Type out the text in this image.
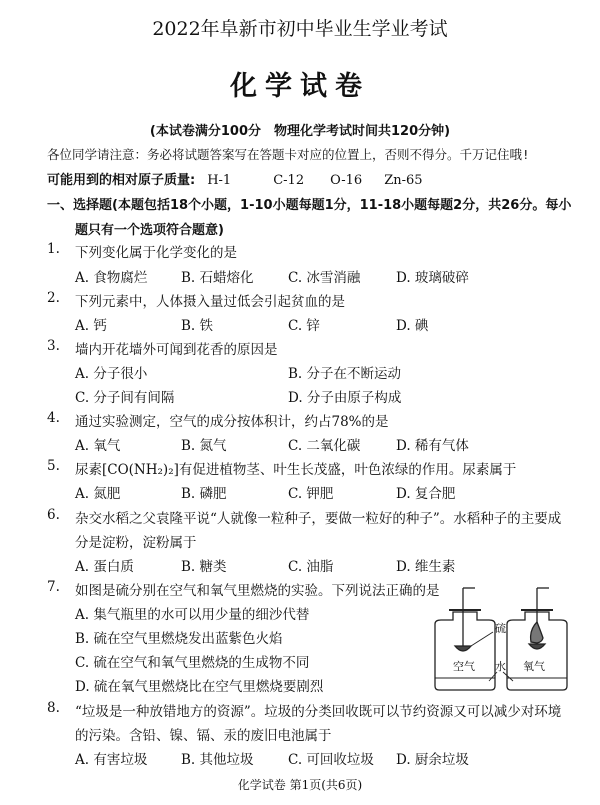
2022年阜新市初中毕业生学业考试
化学试卷
(本试卷满分100分　物理化学考试时间共120分钟)
各位同学请注意：务必将试题答案写在答题卡对应的位置上，否则不得分。千万记住哦!
可能用到的相对原子质量: H-1	C-12 O-16 Zn-65
一、选择题(本题包括18个小题，1-10小题每题1分，11-18小题每题2分，共26分。每小
题只有一个选项符合题意)
1. 下列变化属于化学变化的是
A. 食物腐烂 B. 石蜡熔化	C. 冰雪消融	D. 玻璃破碎
2. 下列元素中，人体摄入量过低会引起贫血的是
A. 钙	B. 铁	C. 锌	D. 碘
3. 墙内开花墙外可闻到花香的原因是
A. 分子很小	B. 分子在不断运动
C. 分子间有间隔	D. 分子由原子构成
4. 通过实验测定，空气的成分按体积计，约占78%的是
A. 氧气	B. 氮气	C. 二氧化碳	D. 稀有气体
5. 尿素[CO(NH₂)₂]有促进植物茎、叶生长茂盛，叶色浓绿的作用。尿素属于
A. 氮肥	B. 磷肥	C. 钾肥	D. 复合肥
6. 杂交水稻之父袁隆平说“人就像一粒种子，要做一粒好的种子”。水稻种子的主要成
分是淀粉，淀粉属于
A. 蛋白质	B. 糖类	C. 油脂	D. 维生素
7. 如图是硫分别在空气和氧气里燃烧的实验。下列说法正确的是
A. 集气瓶里的水可以用少量的细沙代替
B. 硫在空气里燃烧发出蓝紫色火焰
C. 硫在空气和氧气里燃烧的生成物不同
D. 硫在氧气里燃烧比在空气里燃烧要剧烈
硫
空气 水 氧气
8. “垃圾是一种放错地方的资源”。垃圾的分类回收既可以节约资源又可以减少对环境
的污染。含铅、镍、镉、汞的废旧电池属于
A. 有害垃圾 B. 其他垃圾	C. 可回收垃圾 D. 厨余垃圾
化学试卷 第1页(共6页)
